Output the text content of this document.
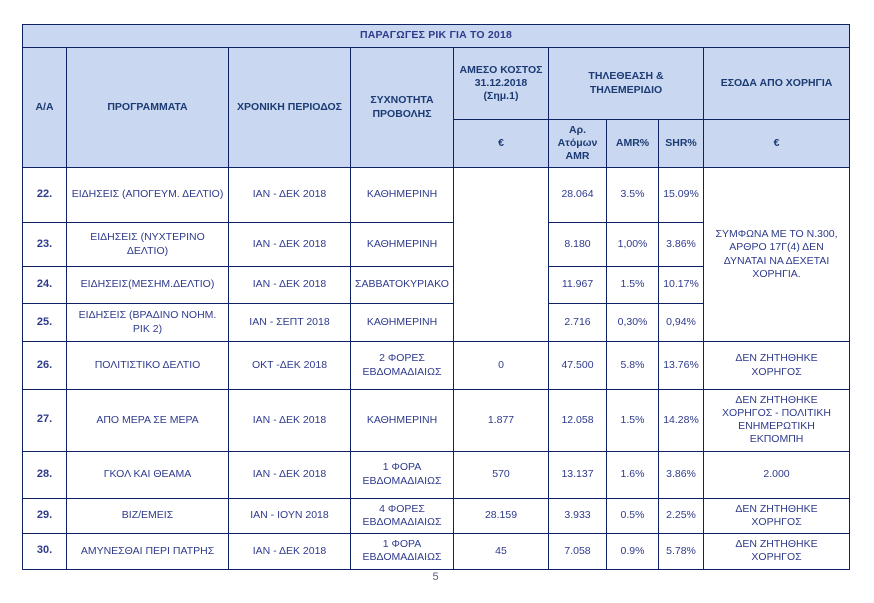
ΠΑΡΑΓΩΓΕΣ ΡΙΚ ΓΙΑ ΤΟ 2018								
Α/Α	ΠΡΟΓΡΑΜΜΑΤΑ	ΧΡΟΝΙΚΗ ΠΕΡΙΟΔΟΣ	ΣΥΧΝΟΤΗΤΑ ΠΡΟΒΟΛΗΣ	ΑΜΕΣΟ ΚΟΣΤΟΣ 31.12.2018 (Σημ.1)	ΤΗΛΕΘΕΑΣΗ & ΤΗΛΕΜΕΡΙΔΙΟ			ΕΣΟΔΑ ΑΠΟ ΧΟΡΗΓΙΑ
				€	Αρ. Ατόμων AMR	AMR%	SHR%	€
22.	ΕΙΔΗΣΕΙΣ (ΑΠΟΓΕΥΜ. ΔΕΛΤΙΟ)	ΙΑΝ - ΔΕΚ 2018	ΚΑΘΗΜΕΡΙΝΗ		28.064	3.5%	15.09%	ΣΥΜΦΩΝΑ ΜΕ ΤΟ Ν.300, ΑΡΘΡΟ 17Γ(4) ΔΕΝ ΔΥΝΑΤΑΙ ΝΑ ΔΕΧΕΤΑΙ ΧΟΡΗΓΙΑ.
23.	ΕΙΔΗΣΕΙΣ (ΝΥΧΤΕΡΙΝΟ ΔΕΛΤΙΟ)	ΙΑΝ - ΔΕΚ 2018	ΚΑΘΗΜΕΡΙΝΗ		8.180	1,00%	3.86%	
24.	ΕΙΔΗΣΕΙΣ(ΜΕΣΗΜ.ΔΕΛΤΙΟ)	ΙΑΝ - ΔΕΚ 2018	ΣΑΒΒΑΤΟΚΥΡΙΑΚΟ		11.967	1.5%	10.17%	
25.	ΕΙΔΗΣΕΙΣ (ΒΡΑΔΙΝΟ ΝΟΗΜ. ΡΙΚ 2)	ΙΑΝ - ΣΕΠΤ 2018	ΚΑΘΗΜΕΡΙΝΗ		2.716	0,30%	0,94%	
26.	ΠΟΛΙΤΙΣΤΙΚΟ ΔΕΛΤΙΟ	ΟΚΤ -ΔΕΚ 2018	2 ΦΟΡΕΣ ΕΒΔΟΜΑΔΙΑΙΩΣ	0	47.500	5.8%	13.76%	ΔΕΝ ΖΗΤΗΘΗΚΕ ΧΟΡΗΓΟΣ
27.	ΑΠΟ ΜΕΡΑ ΣΕ ΜΕΡΑ	ΙΑΝ - ΔΕΚ 2018	ΚΑΘΗΜΕΡΙΝΗ	1.877	12.058	1.5%	14.28%	ΔΕΝ ΖΗΤΗΘΗΚΕ ΧΟΡΗΓΟΣ - ΠΟΛΙΤΙΚΗ ΕΝΗΜΕΡΩΤΙΚΗ ΕΚΠΟΜΠΗ
28.	ΓΚΟΛ ΚΑΙ ΘΕΑΜΑ	ΙΑΝ - ΔΕΚ 2018	1 ΦΟΡΑ ΕΒΔΟΜΑΔΙΑΙΩΣ	570	13.137	1.6%	3.86%	2.000
29.	ΒΙΖ/ΕΜΕΙΣ	ΙΑΝ - ΙΟΥΝ 2018	4 ΦΟΡΕΣ ΕΒΔΟΜΑΔΙΑΙΩΣ	28.159	3.933	0.5%	2.25%	ΔΕΝ ΖΗΤΗΘΗΚΕ ΧΟΡΗΓΟΣ
30.	ΑΜΥΝΕΣΘΑΙ ΠΕΡΙ ΠΑΤΡΗΣ	ΙΑΝ - ΔΕΚ 2018	1 ΦΟΡΑ ΕΒΔΟΜΑΔΙΑΙΩΣ	45	7.058	0.9%	5.78%	ΔΕΝ ΖΗΤΗΘΗΚΕ ΧΟΡΗΓΟΣ
5
